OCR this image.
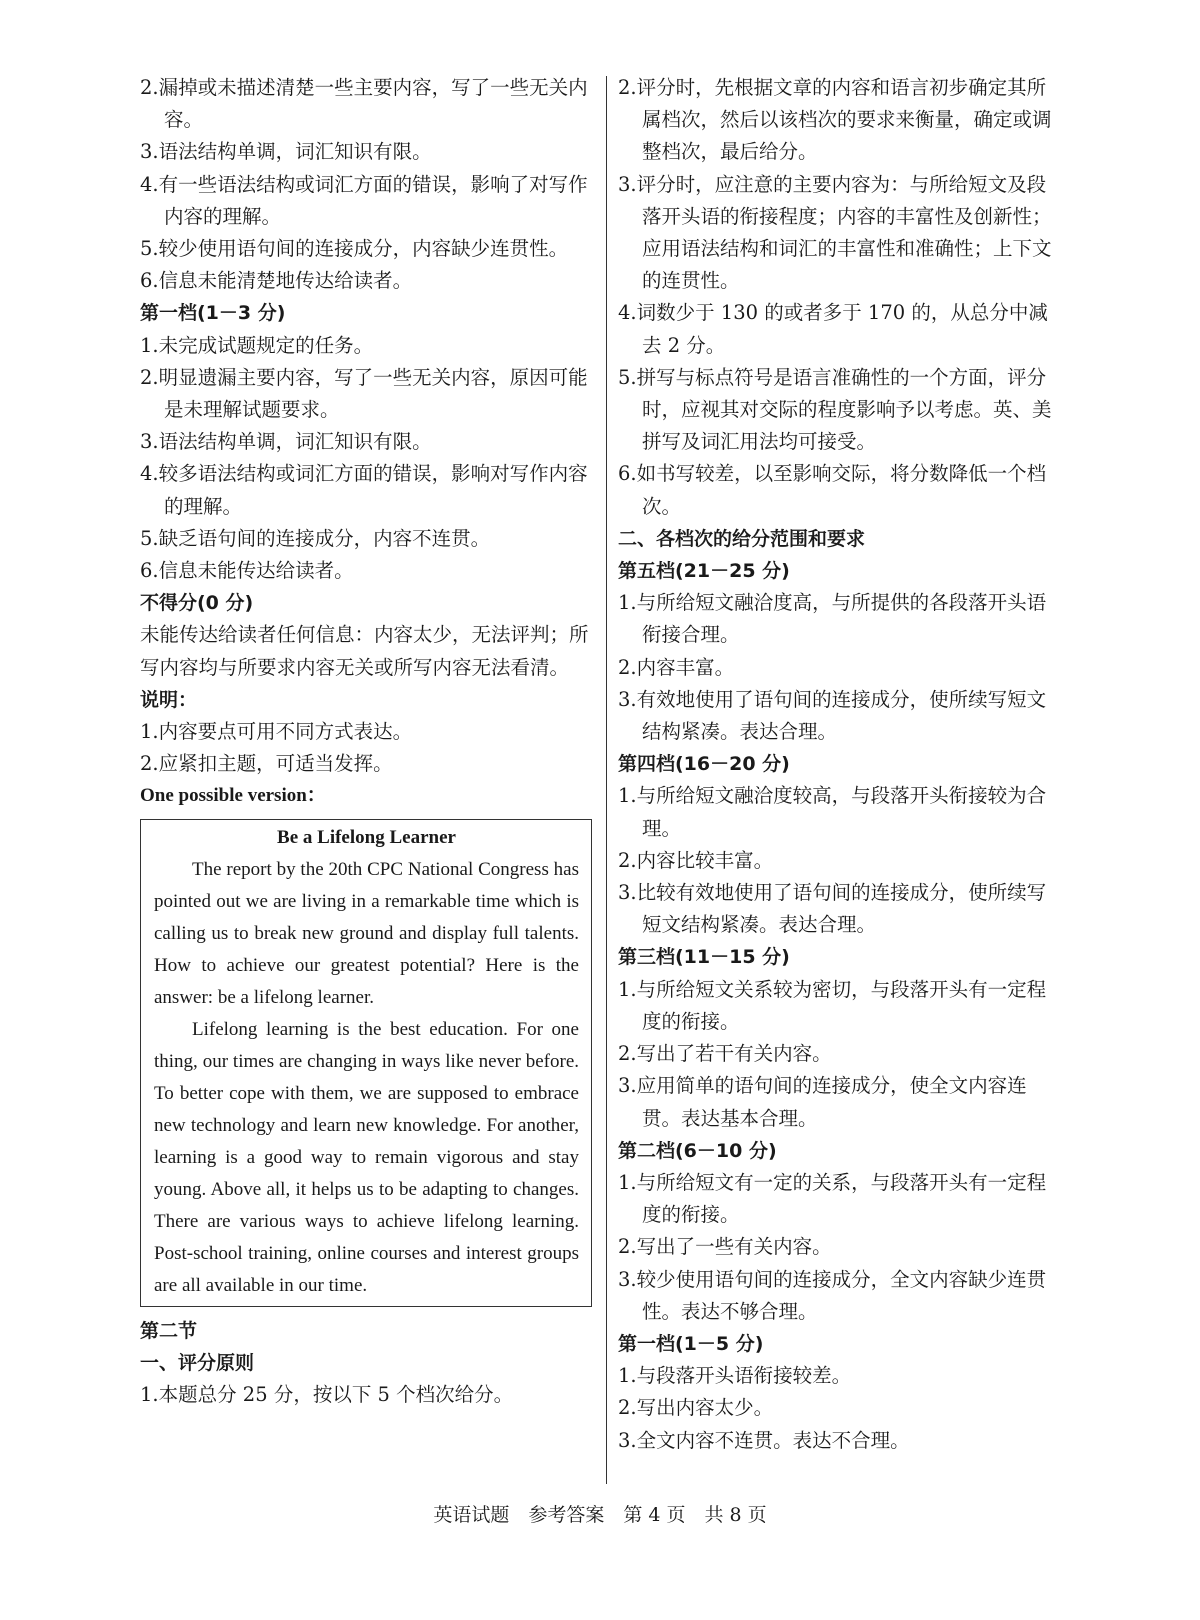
2.漏掉或未描述清楚一些主要内容，写了一些无关内容。

3.语法结构单调，词汇知识有限。

4.有一些语法结构或词汇方面的错误，影响了对写作内容的理解。

5.较少使用语句间的连接成分，内容缺少连贯性。

6.信息未能清楚地传达给读者。

第一档(1－3 分)

1.未完成试题规定的任务。

2.明显遗漏主要内容，写了一些无关内容，原因可能是未理解试题要求。

3.语法结构单调，词汇知识有限。

4.较多语法结构或词汇方面的错误，影响对写作内容的理解。

5.缺乏语句间的连接成分，内容不连贯。

6.信息未能传达给读者。

不得分(0 分)

未能传达给读者任何信息：内容太少，无法评判；所写内容均与所要求内容无关或所写内容无法看清。

说明：

1.内容要点可用不同方式表达。

2.应紧扣主题，可适当发挥。

One possible version：

Be a Lifelong Learner

The report by the 20th CPC National Congress has pointed out we are living in a remarkable time which is calling us to break new ground and display full talents. How to achieve our greatest potential? Here is the answer: be a lifelong learner.

Lifelong learning is the best education. For one thing, our times are changing in ways like never before. To better cope with them, we are supposed to embrace new technology and learn new knowledge. For another, learning is a good way to remain vigorous and stay young. Above all, it helps us to be adapting to changes. There are various ways to achieve lifelong learning. Post-school training, online courses and interest groups are all available in our time.

第二节

一、评分原则

1.本题总分 25 分，按以下 5 个档次给分。

2.评分时，先根据文章的内容和语言初步确定其所属档次，然后以该档次的要求来衡量，确定或调整档次，最后给分。

3.评分时，应注意的主要内容为：与所给短文及段落开头语的衔接程度；内容的丰富性及创新性；应用语法结构和词汇的丰富性和准确性；上下文的连贯性。

4.词数少于 130 的或者多于 170 的，从总分中减去 2 分。

5.拼写与标点符号是语言准确性的一个方面，评分时，应视其对交际的程度影响予以考虑。英、美拼写及词汇用法均可接受。

6.如书写较差，以至影响交际，将分数降低一个档次。

二、各档次的给分范围和要求

第五档(21－25 分)

1.与所给短文融洽度高，与所提供的各段落开头语衔接合理。

2.内容丰富。

3.有效地使用了语句间的连接成分，使所续写短文结构紧凑。表达合理。

第四档(16－20 分)

1.与所给短文融洽度较高，与段落开头衔接较为合理。

2.内容比较丰富。

3.比较有效地使用了语句间的连接成分，使所续写短文结构紧凑。表达合理。

第三档(11－15 分)

1.与所给短文关系较为密切，与段落开头有一定程度的衔接。

2.写出了若干有关内容。

3.应用简单的语句间的连接成分，使全文内容连贯。表达基本合理。

第二档(6－10 分)

1.与所给短文有一定的关系，与段落开头有一定程度的衔接。

2.写出了一些有关内容。

3.较少使用语句间的连接成分，全文内容缺少连贯性。表达不够合理。

第一档(1－5 分)

1.与段落开头语衔接较差。

2.写出内容太少。

3.全文内容不连贯。表达不合理。

英语试题　参考答案　第 4 页　共 8 页
